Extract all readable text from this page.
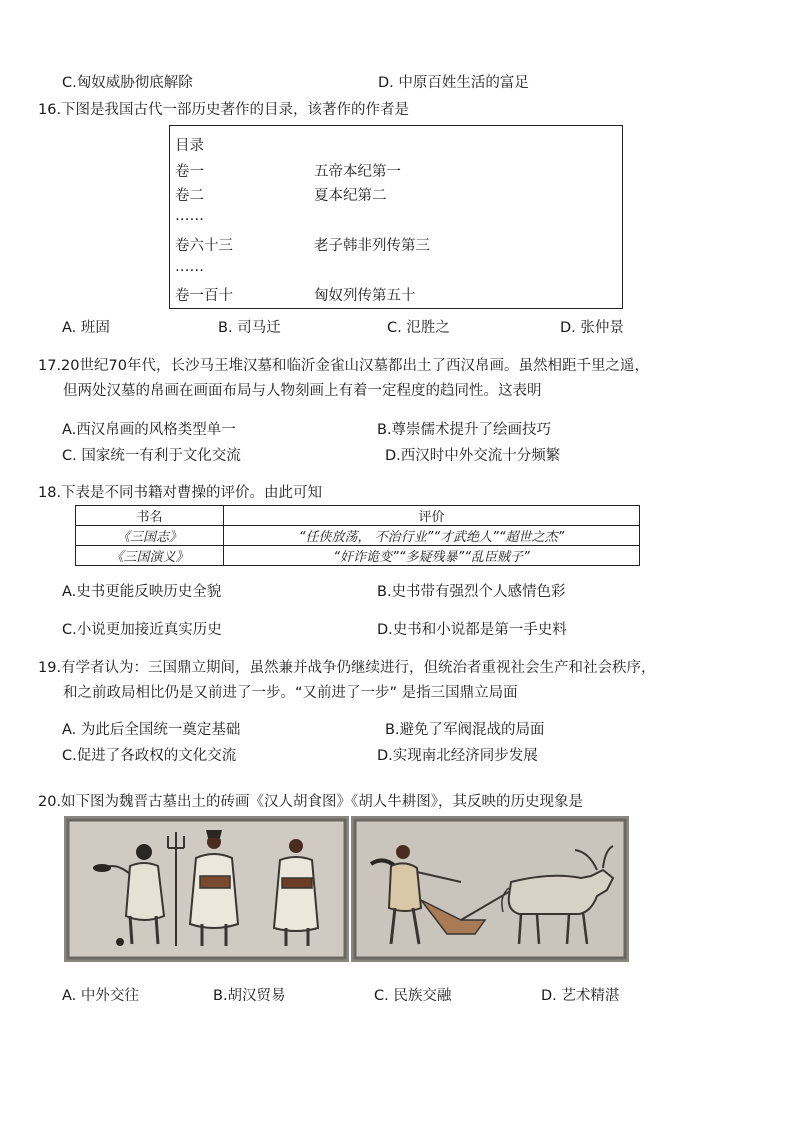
C.匈奴威胁彻底解除	D. 中原百姓生活的富足
16.下图是我国古代一部历史著作的目录，该著作的作者是
目录
卷一	五帝本纪第一
卷二	夏本纪第二
……
卷六十三	老子韩非列传第三
……
卷一百十	匈奴列传第五十
A. 班固	B. 司马迁	C. 氾胜之	D. 张仲景
17.20世纪70年代，长沙马王堆汉墓和临沂金雀山汉墓都出土了西汉帛画。虽然相距千里之遥，
但两处汉墓的帛画在画面布局与人物刻画上有着一定程度的趋同性。这表明
A.西汉帛画的风格类型单一	B.尊崇儒术提升了绘画技巧
C. 国家统一有利于文化交流	D.西汉时中外交流十分频繁
18.下表是不同书籍对曹操的评价。由此可知
书名	评价
《三国志》	“任侠放荡， 不治行业”“才武绝人”“超世之杰”
《三国演义》	“奸诈诡变”“多疑残暴”“乱臣贼子”
A.史书更能反映历史全貌	B.史书带有强烈个人感情色彩
C.小说更加接近真实历史	D.史书和小说都是第一手史料
19.有学者认为：三国鼎立期间，虽然兼并战争仍继续进行，但统治者重视社会生产和社会秩序，
和之前政局相比仍是又前进了一步。“又前进了一步” 是指三国鼎立局面
A. 为此后全国统一奠定基础	B.避免了军阀混战的局面
C.促进了各政权的文化交流	D.实现南北经济同步发展
20.如下图为魏晋古墓出土的砖画《汉人胡食图》《胡人牛耕图》，其反映的历史现象是
A. 中外交往	B.胡汉贸易	C. 民族交融	D. 艺术精湛
